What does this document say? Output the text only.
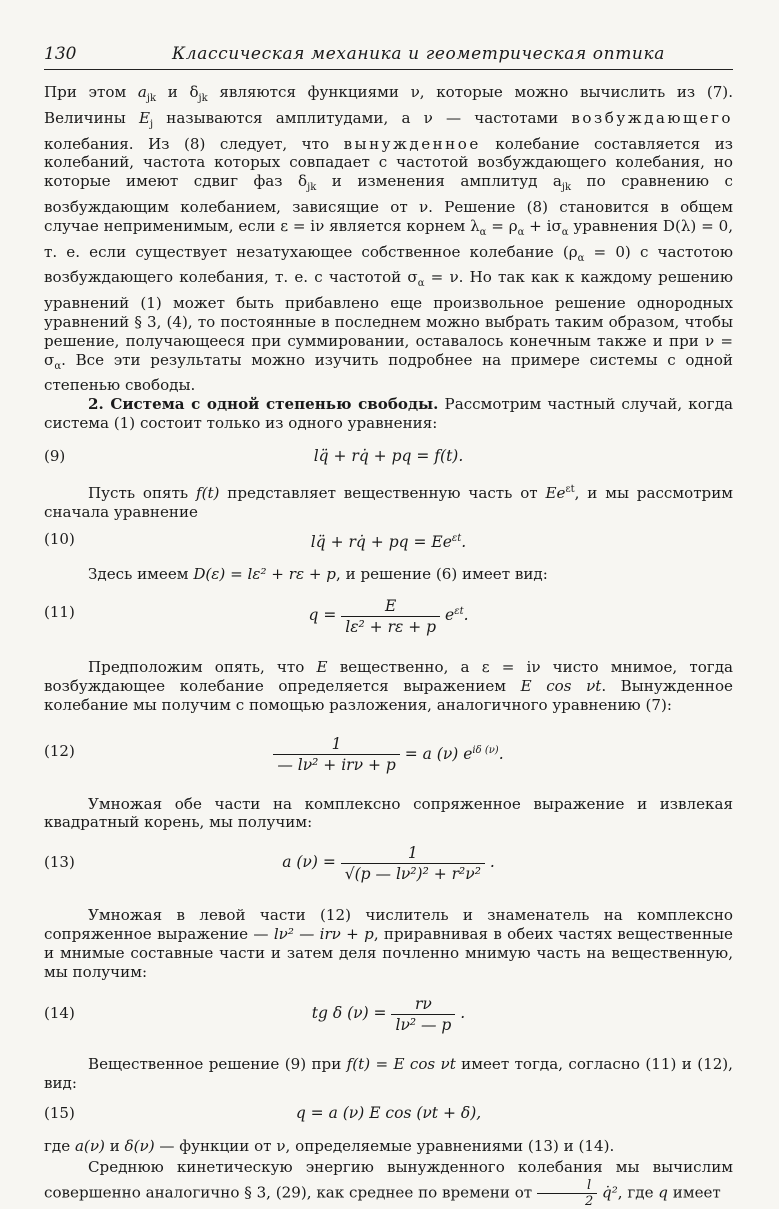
130	Классическая механика и геометрическая оптика

При этом $a_{jk}$ и $\delta_{jk}$ являются функциями ν, которые можно вычислить из (7). Величины $E_j$ называются амплитудами, а ν — частотами возбуждающего колебания. Из (8) следует, что вынужденное колебание составляется из колебаний, частота которых совпадает с частотой возбуждающего колебания, но которые имеют сдвиг фаз $\delta_{jk}$ и изменения амплитуд $a_{jk}$ по сравнению с возбуждающим колебанием, зависящие от ν. Решение (8) становится в общем случае неприменимым, если ε = iν является корнем $\lambda_\alpha = \rho_\alpha + i\sigma_\alpha$ уравнения D(λ) = 0, т. е. если существует незатухающее собственное колебание $(\rho_\alpha = 0)$ с частотою возбуждающего колебания, т. е. с частотой $\sigma_\alpha = \nu$. Но так как к каждому решению уравнений (1) может быть прибавлено еще произвольное решение однородных уравнений § 3, (4), то постоянные в последнем можно выбрать таким образом, чтобы решение, получающееся при суммировании, оставалось конечным также и при $\nu = \sigma_\alpha$. Все эти результаты можно изучить подробнее на примере системы с одной степенью свободы.

2. Система с одной степенью свободы. Рассмотрим частный случай, когда система (1) состоит только из одного уравнения:

(9)	lq̈ + rq̇ + pq = f(t).

Пусть опять f(t) представляет вещественную часть от $Ee^{\varepsilon t}$, и мы рассмотрим сначала уравнение

(10)	lq̈ + rq̇ + pq = $Ee^{\varepsilon t}$.

Здесь имеем D(ε) = lε² + rε + p, и решение (6) имеет вид:

(11)	$q = \frac{E}{\text{lε² + rε + p}} e^{\varepsilon t}$.

Предположим опять, что E вещественно, а ε = iν чисто мнимое, тогда возбуждающее колебание определяется выражением E cos νt. Вынужденное колебание мы получим с помощью разложения, аналогичного уравнению (7):

(12)	$\frac{1}{\text{— lν² + irν + p}} = a$ (ν) $e^{i\delta (\nu)}$.

Умножая обе части на комплексно сопряженное выражение и извлекая квадратный корень, мы получим:

(13)	a $(\nu) = \frac{1}{\text{√(p — lν²)² + r²ν²}}$ .

Умножая в левой части (12) числитель и знаменатель на комплексно сопряженное выражение — lν² — irν + p, приравнивая в обеих частях вещественные и мнимые составные части и затем деля почленно мнимую часть на вещественную, мы получим:

(14)	tg δ $(\nu) = \frac{r\nu}{\text{lν² — p}}$ .

Вещественное решение (9) при f(t) = E cos νt имеет тогда, согласно (11) и (12), вид:

(15)	q = a (ν) E cos (νt + δ),

где a(ν) и δ(ν) — функции от ν, определяемые уравнениями (13) и (14).

Среднюю кинетическую энергию вынужденного колебания мы вычислим совершенно аналогично § 3, (29), как среднее по времени от $\frac{l}{2}$ q̇², где q имеет
